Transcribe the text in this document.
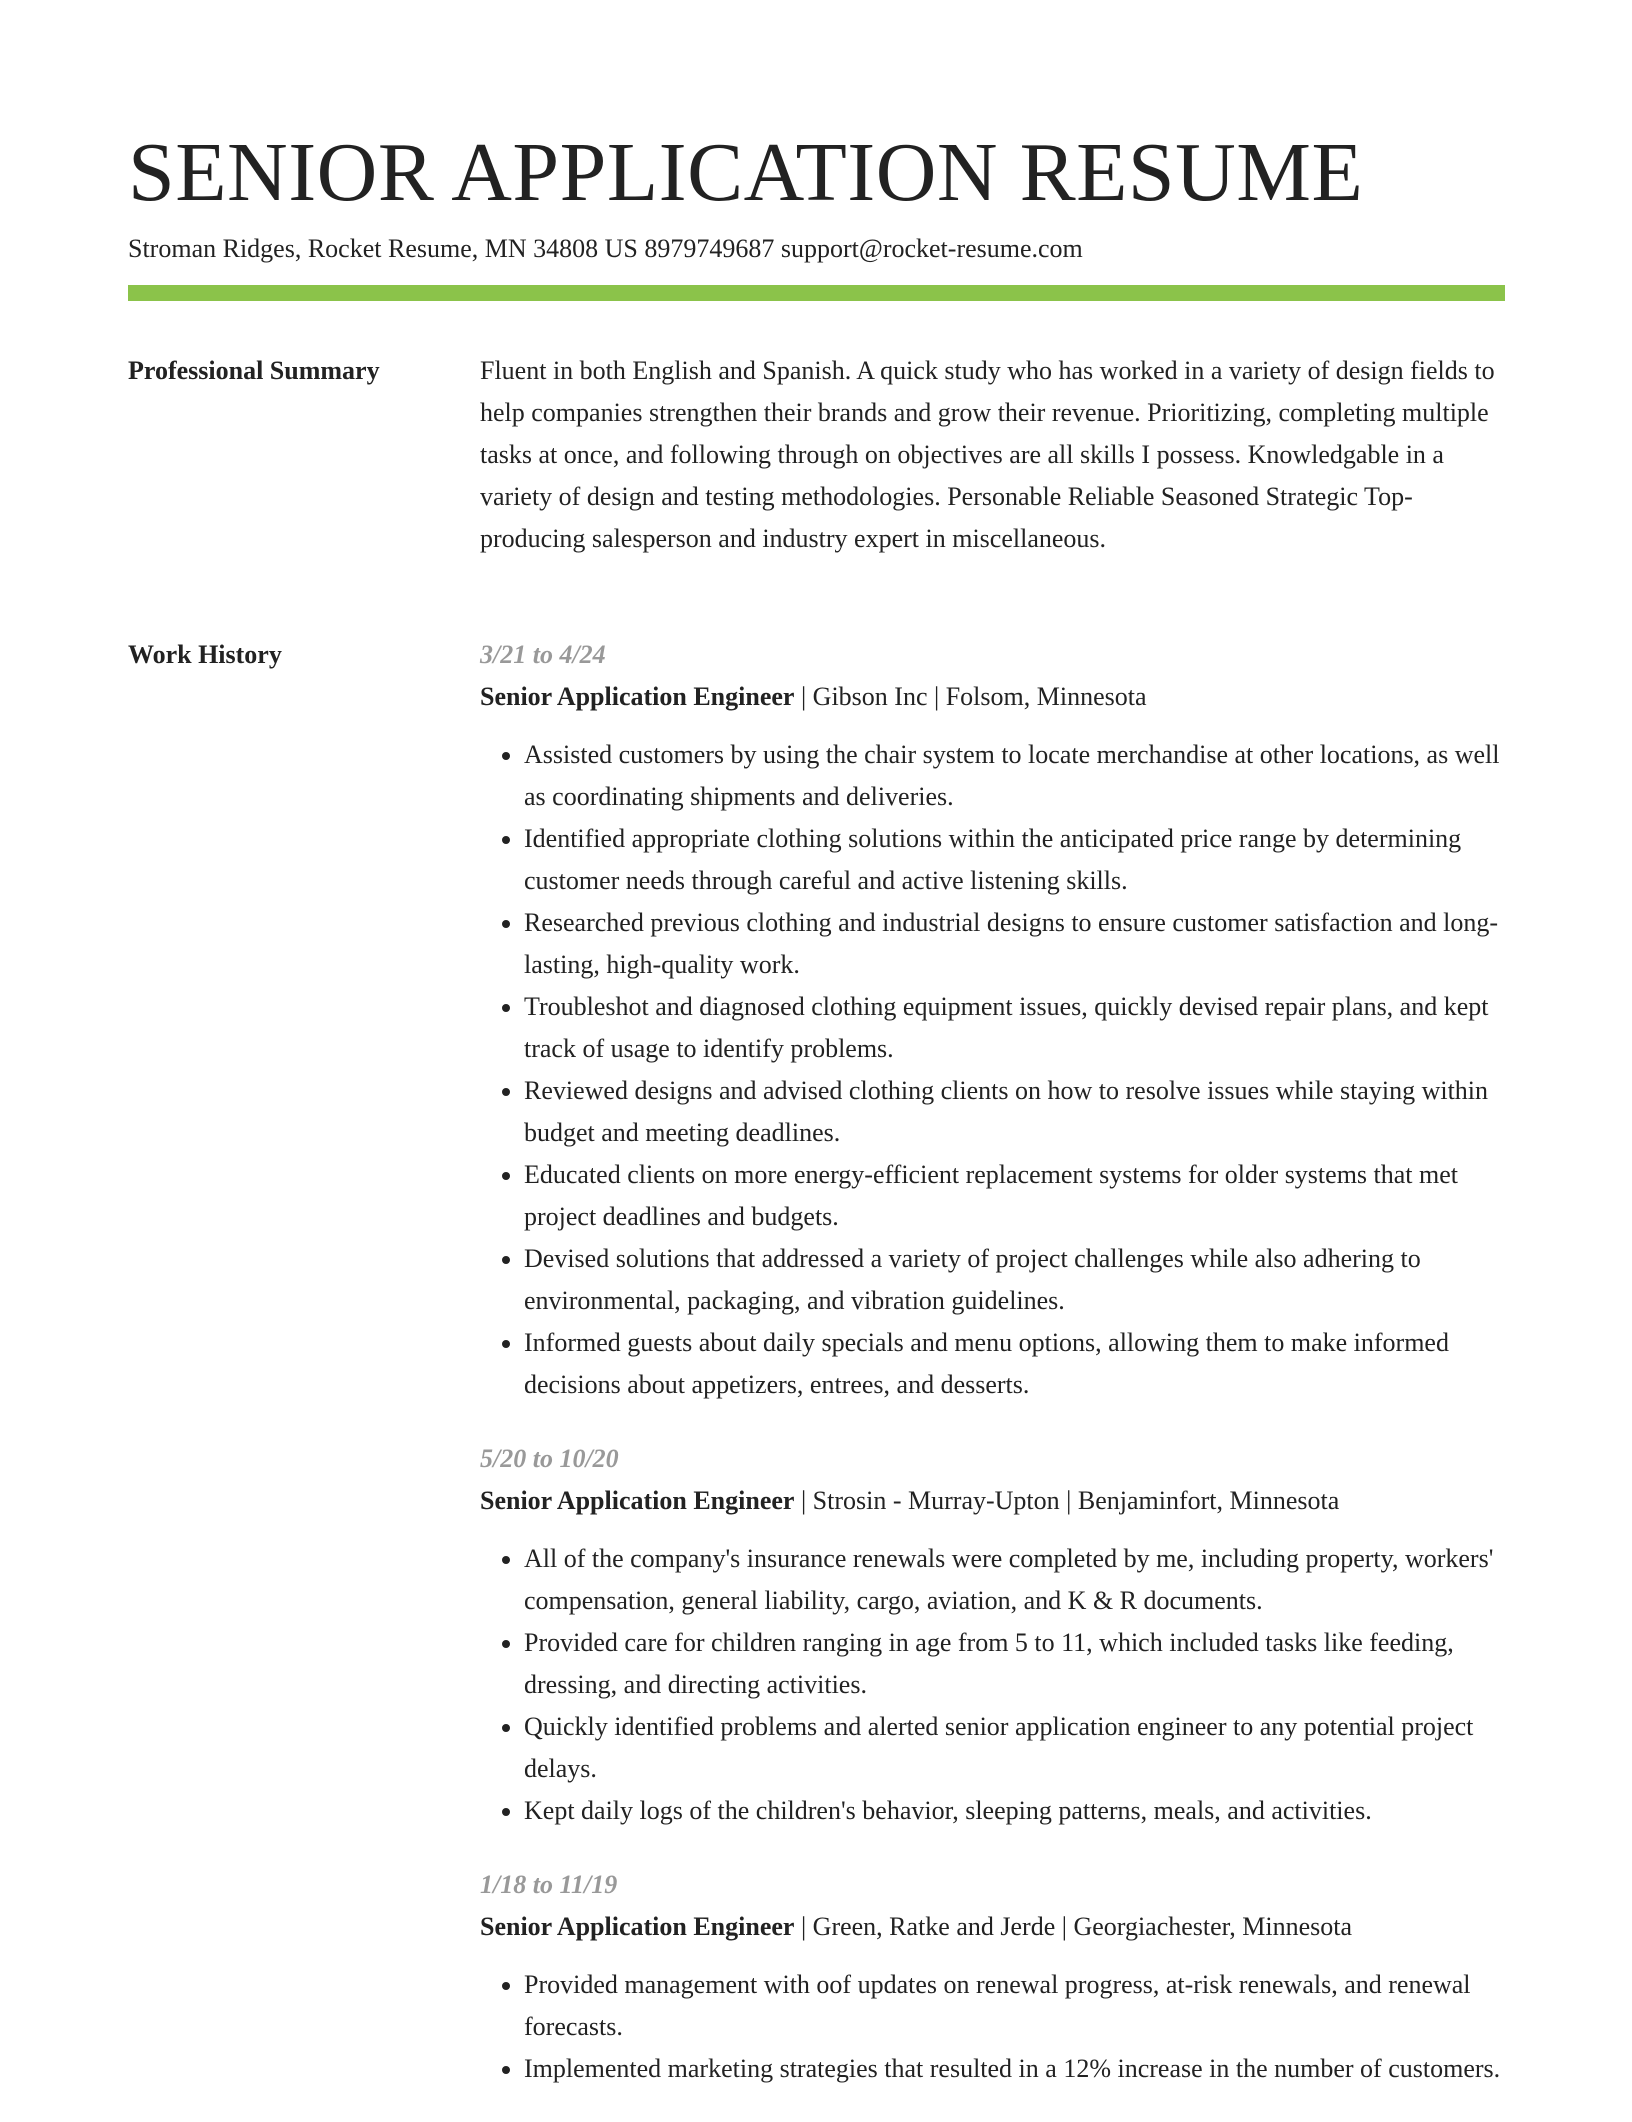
SENIOR APPLICATION RESUME
Stroman Ridges, Rocket Resume, MN 34808 US 8979749687 support@rocket-resume.com
Professional Summary	Fluent in both English and Spanish. A quick study who has worked in a variety of design fields to help companies strengthen their brands and grow their revenue. Prioritizing, completing multiple tasks at once, and following through on objectives are all skills I possess. Knowledgable in a variety of design and testing methodologies. Personable Reliable Seasoned Strategic Top-producing salesperson and industry expert in miscellaneous.

Work History	3/21 to 4/24
Senior Application Engineer | Gibson Inc | Folsom, Minnesota
• Assisted customers by using the chair system to locate merchandise at other locations, as well as coordinating shipments and deliveries.
• Identified appropriate clothing solutions within the anticipated price range by determining customer needs through careful and active listening skills.
• Researched previous clothing and industrial designs to ensure customer satisfaction and long-lasting, high-quality work.
• Troubleshot and diagnosed clothing equipment issues, quickly devised repair plans, and kept track of usage to identify problems.
• Reviewed designs and advised clothing clients on how to resolve issues while staying within budget and meeting deadlines.
• Educated clients on more energy-efficient replacement systems for older systems that met project deadlines and budgets.
• Devised solutions that addressed a variety of project challenges while also adhering to environmental, packaging, and vibration guidelines.
• Informed guests about daily specials and menu options, allowing them to make informed decisions about appetizers, entrees, and desserts.
5/20 to 10/20
Senior Application Engineer | Strosin - Murray-Upton | Benjaminfort, Minnesota
• All of the company's insurance renewals were completed by me, including property, workers' compensation, general liability, cargo, aviation, and K & R documents.
• Provided care for children ranging in age from 5 to 11, which included tasks like feeding, dressing, and directing activities.
• Quickly identified problems and alerted senior application engineer to any potential project delays.
• Kept daily logs of the children's behavior, sleeping patterns, meals, and activities.
1/18 to 11/19
Senior Application Engineer | Green, Ratke and Jerde | Georgiachester, Minnesota
• Provided management with oof updates on renewal progress, at-risk renewals, and renewal forecasts.
• Implemented marketing strategies that resulted in a 12% increase in the number of customers.
